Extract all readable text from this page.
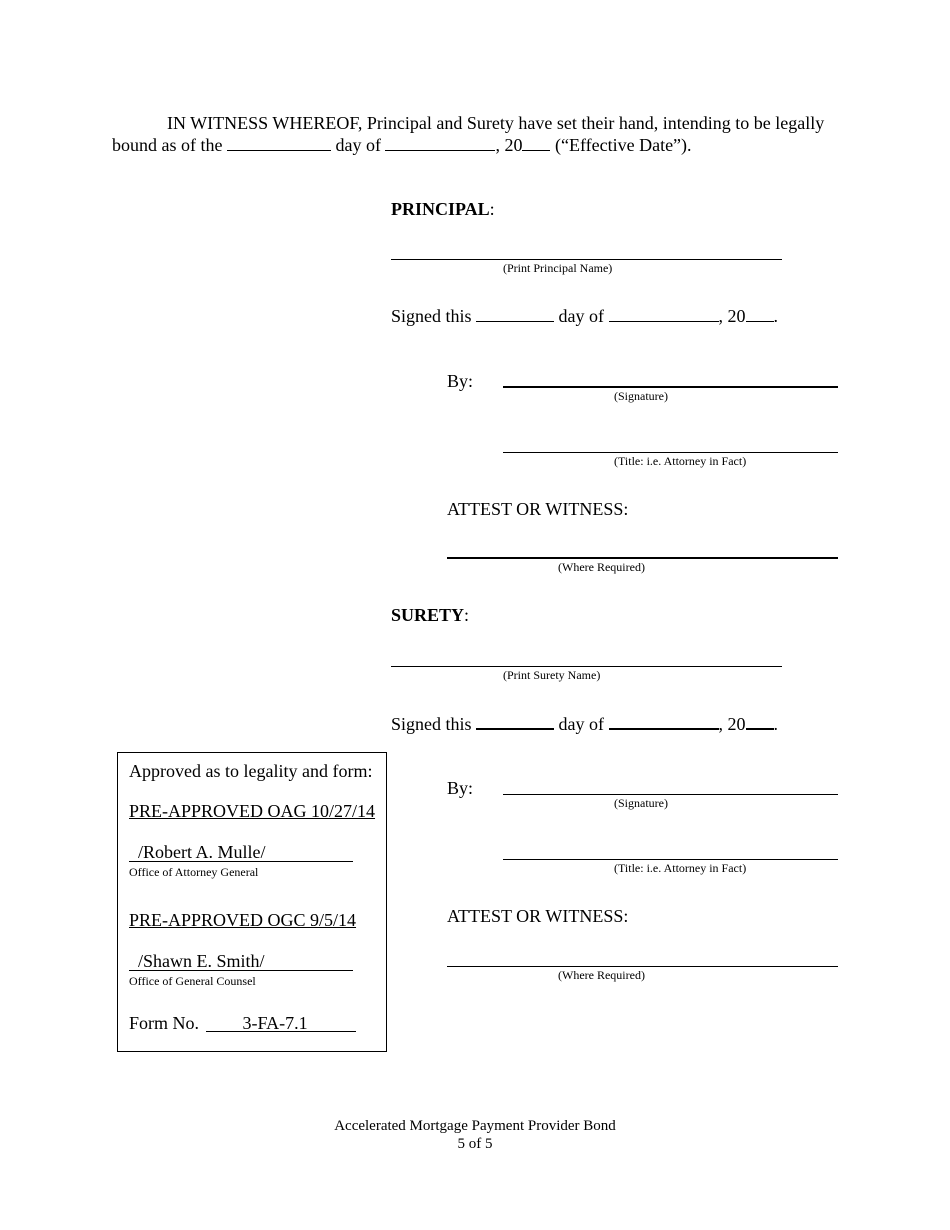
IN WITNESS WHEREOF, Principal and Surety have set their hand, intending to be legally
bound as of the	day of	, 20 (“Effective Date”).
PRINCIPAL:
(Print Principal Name)
Signed this	day of	, 20 .
By:
(Signature)
(Title: i.e. Attorney in Fact)
ATTEST OR WITNESS:
(Where Required)
SURETY:
(Print Surety Name)
Signed this	day of	, 20 .
By:
(Signature)
(Title: i.e. Attorney in Fact)
ATTEST OR WITNESS:
(Where Required)
Approved as to legality and form:
PRE-APPROVED OAG 10/27/14
/Robert A. Mulle/
Office of Attorney General
PRE-APPROVED OGC 9/5/14
/Shawn E. Smith/
Office of General Counsel
Form No. 3-FA-7.1
Accelerated Mortgage Payment Provider Bond
5 of 5
